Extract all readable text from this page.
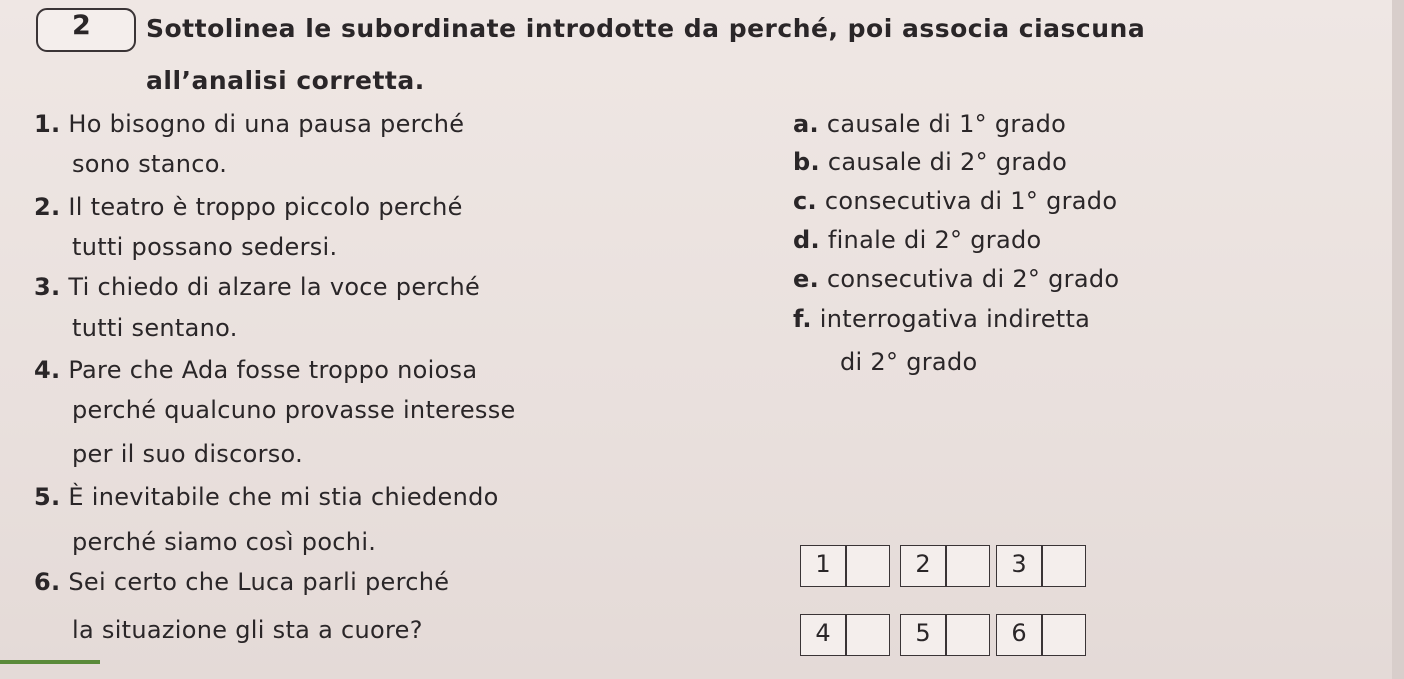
2 Sottolinea le subordinate introdotte da perché, poi associa ciascuna
all’analisi corretta.
1. Ho bisogno di una pausa perché
sono stanco.
2. Il teatro è troppo piccolo perché
tutti possano sedersi.
3. Ti chiedo di alzare la voce perché
tutti sentano.
4. Pare che Ada fosse troppo noiosa
perché qualcuno provasse interesse
per il suo discorso.
5. È inevitabile che mi stia chiedendo
perché siamo così pochi.
6. Sei certo che Luca parli perché
la situazione gli sta a cuore?
a. causale di 1° grado
b. causale di 2° grado
c. consecutiva di 1° grado
d. finale di 2° grado
e. consecutiva di 2° grado
f. interrogativa indiretta
di 2° grado
1	2	3
4	5	6
